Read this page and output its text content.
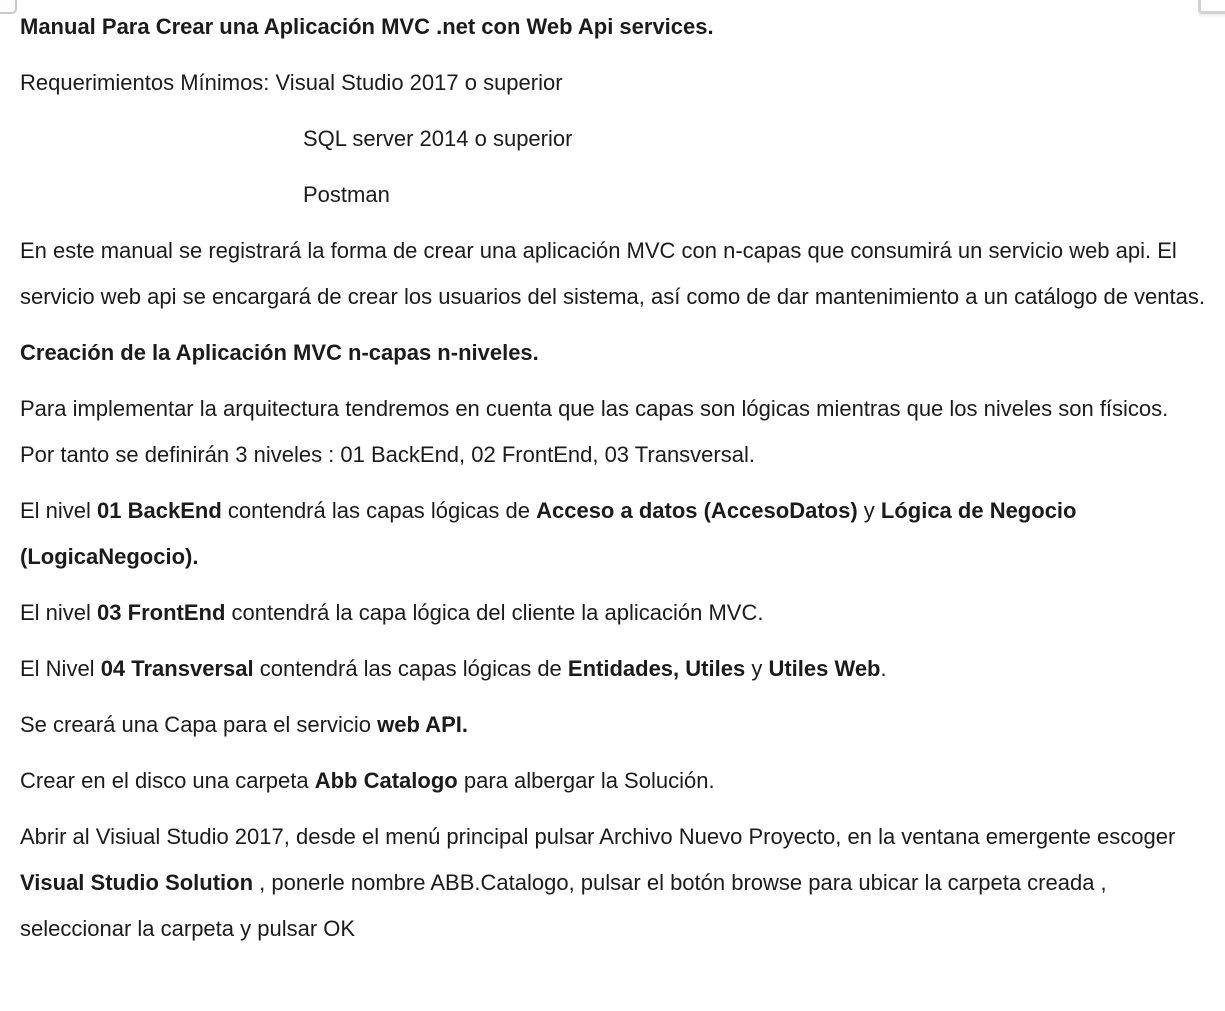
Manual Para Crear una Aplicación MVC .net con Web Api services.

Requerimientos Mínimos: Visual Studio 2017 o superior

SQL server 2014 o superior

Postman

En este manual se registrará la forma de crear una aplicación MVC con n-capas que consumirá un servicio web api. El servicio web api se encargará de crear los usuarios del sistema, así como de dar mantenimiento a un catálogo de ventas.

Creación de la Aplicación MVC n-capas n-niveles.

Para implementar la arquitectura tendremos en cuenta que las capas son lógicas mientras que los niveles son físicos. Por tanto se definirán 3 niveles : 01 BackEnd, 02 FrontEnd, 03 Transversal.

El nivel 01 BackEnd contendrá las capas lógicas de Acceso a datos (AccesoDatos) y Lógica de Negocio (LogicaNegocio).

El nivel 03 FrontEnd contendrá la capa lógica del cliente la aplicación MVC.

El Nivel 04 Transversal contendrá las capas lógicas de Entidades, Utiles y Utiles Web.

Se creará una Capa para el servicio web API.

Crear en el disco una carpeta Abb Catalogo para albergar la Solución.

Abrir al Visiual Studio 2017, desde el menú principal pulsar Archivo Nuevo Proyecto, en la ventana emergente escoger Visual Studio Solution , ponerle nombre ABB.Catalogo, pulsar el botón browse para ubicar la carpeta creada , seleccionar la carpeta y pulsar OK
